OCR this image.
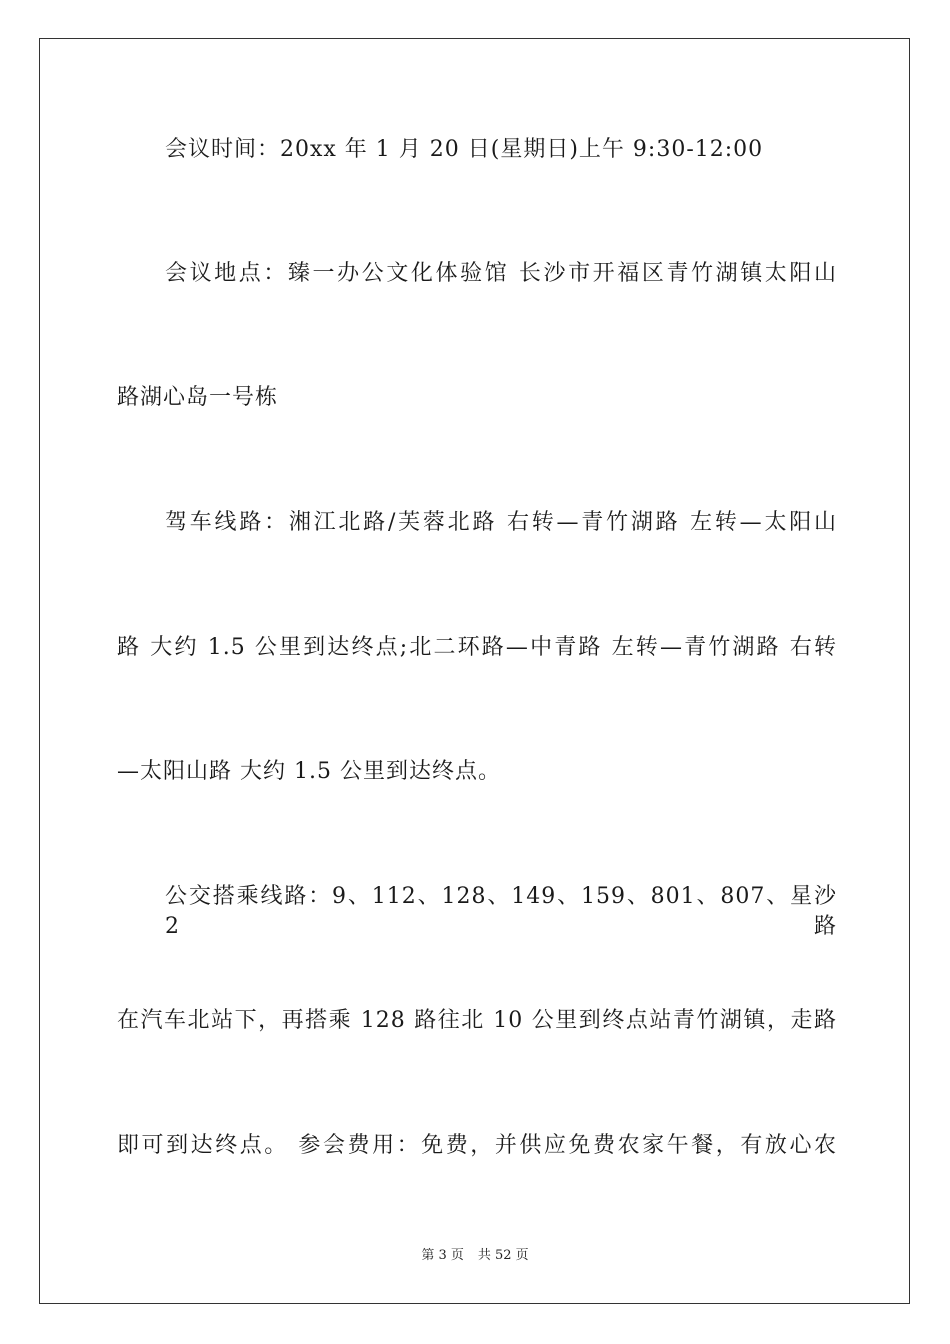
会议时间：20xx 年 1 月 20 日(星期日)上午 9:30-12:00
会议地点：臻一办公文化体验馆 长沙市开福区青竹湖镇太阳山
路湖心岛一号栋
驾车线路：湘江北路/芙蓉北路 右转—青竹湖路 左转—太阳山
路 大约 1.5 公里到达终点;北二环路—中青路 左转—青竹湖路 右转
—太阳山路 大约 1.5 公里到达终点。
公交搭乘线路：9、112、128、149、159、801、807、星沙 2 路
在汽车北站下，再搭乘 128 路往北 10 公里到终点站青竹湖镇，走路
即可到达终点。 参会费用：免费，并供应免费农家午餐，有放心农
第 3 页 共 52 页
